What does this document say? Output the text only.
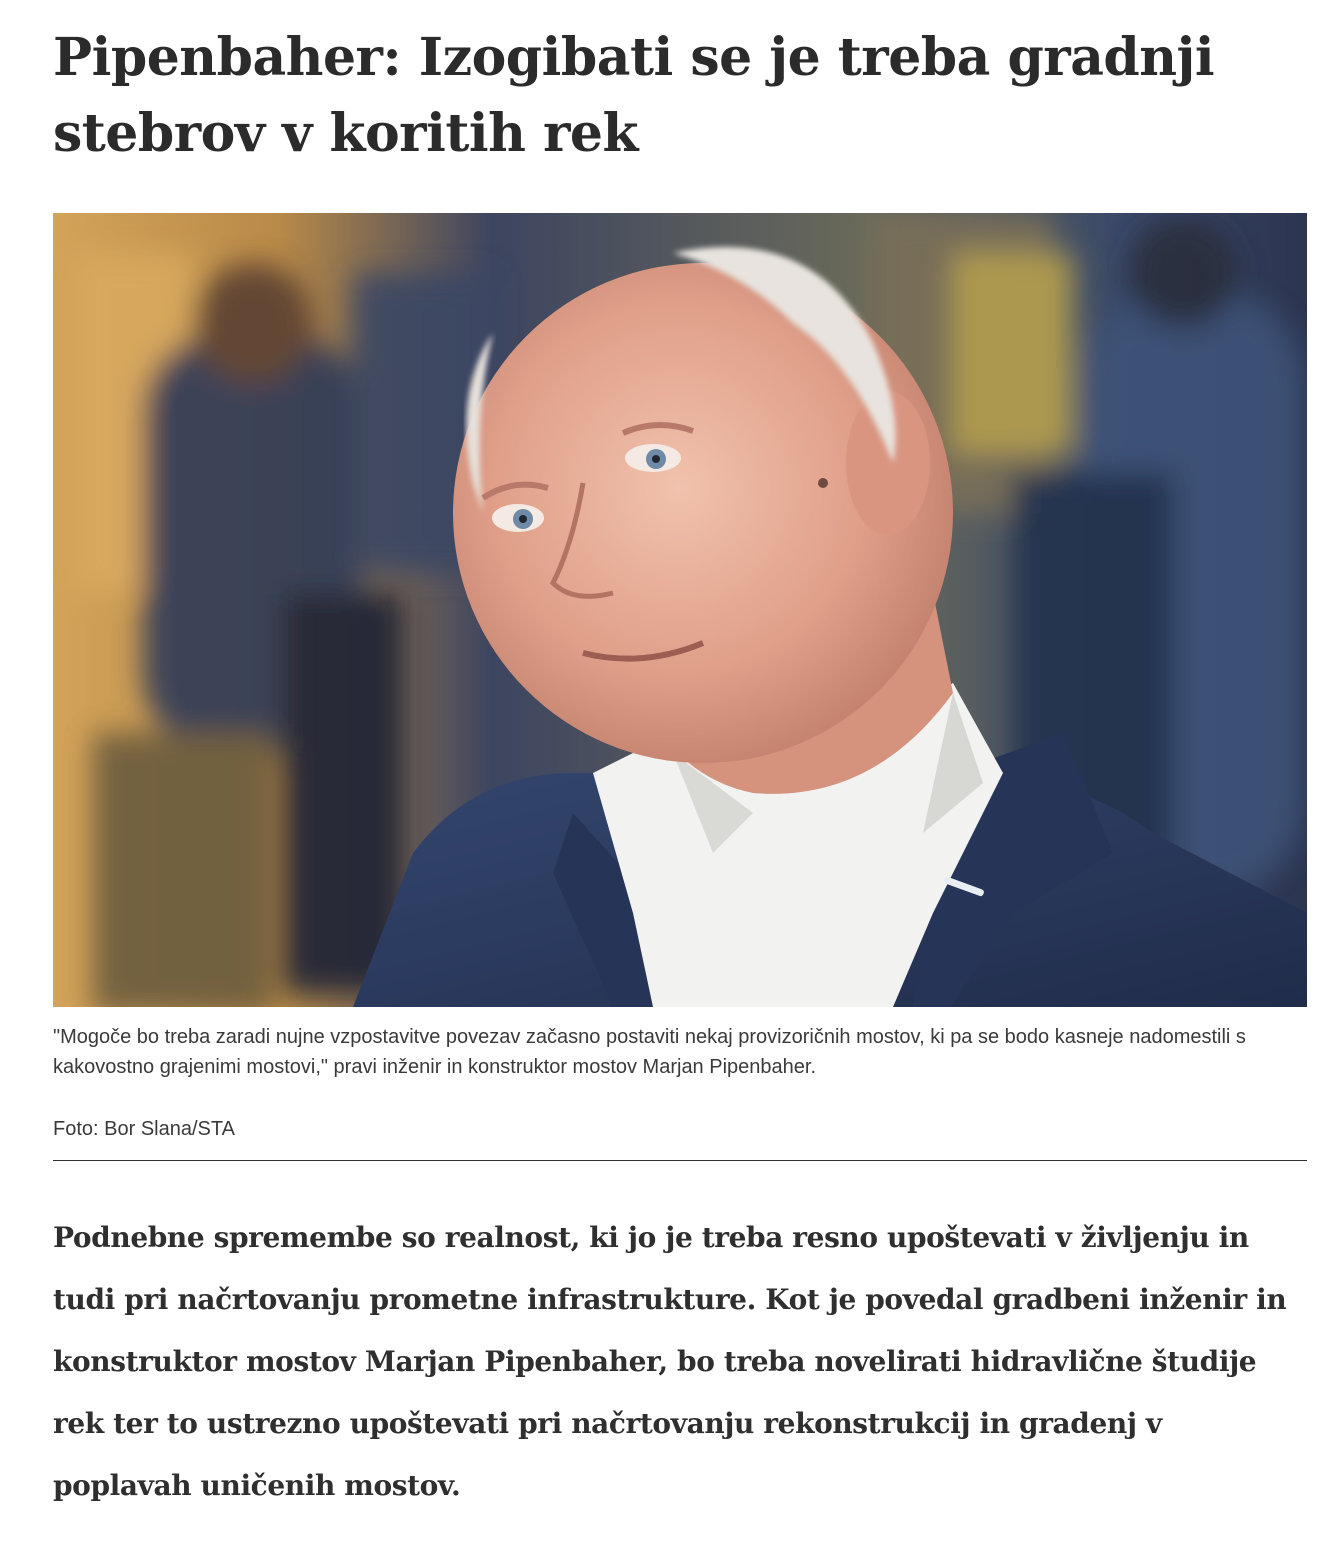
Pipenbaher: Izogibati se je treba gradnji stebrov v koritih rek

"Mogoče bo treba zaradi nujne vzpostavitve povezav začasno postaviti nekaj provizoričnih mostov, ki pa se bodo kasneje nadomestili s kakovostno grajenimi mostovi," pravi inženir in konstruktor mostov Marjan Pipenbaher.

Foto: Bor Slana/STA

Podnebne spremembe so realnost, ki jo je treba resno upoštevati v življenju in tudi pri načrtovanju prometne infrastrukture. Kot je povedal gradbeni inženir in konstruktor mostov Marjan Pipenbaher, bo treba novelirati hidravlične študije rek ter to ustrezno upoštevati pri načrtovanju rekonstrukcij in gradenj v poplavah uničenih mostov.
